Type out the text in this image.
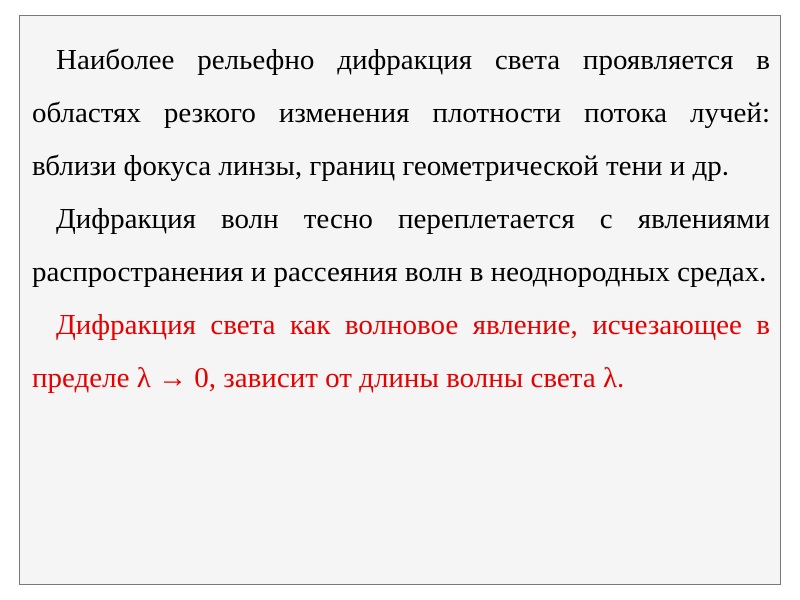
Наиболее рельефно дифракция света проявляется в областях резкого изменения плотности потока лучей: вблизи фокуса линзы, границ геометрической тени и др.

Дифракция волн тесно переплетается с явлениями распространения и рассеяния волн в неоднородных средах.

Дифракция света как волновое явление, исчезающее в пределе λ → 0, зависит от длины волны света λ.
